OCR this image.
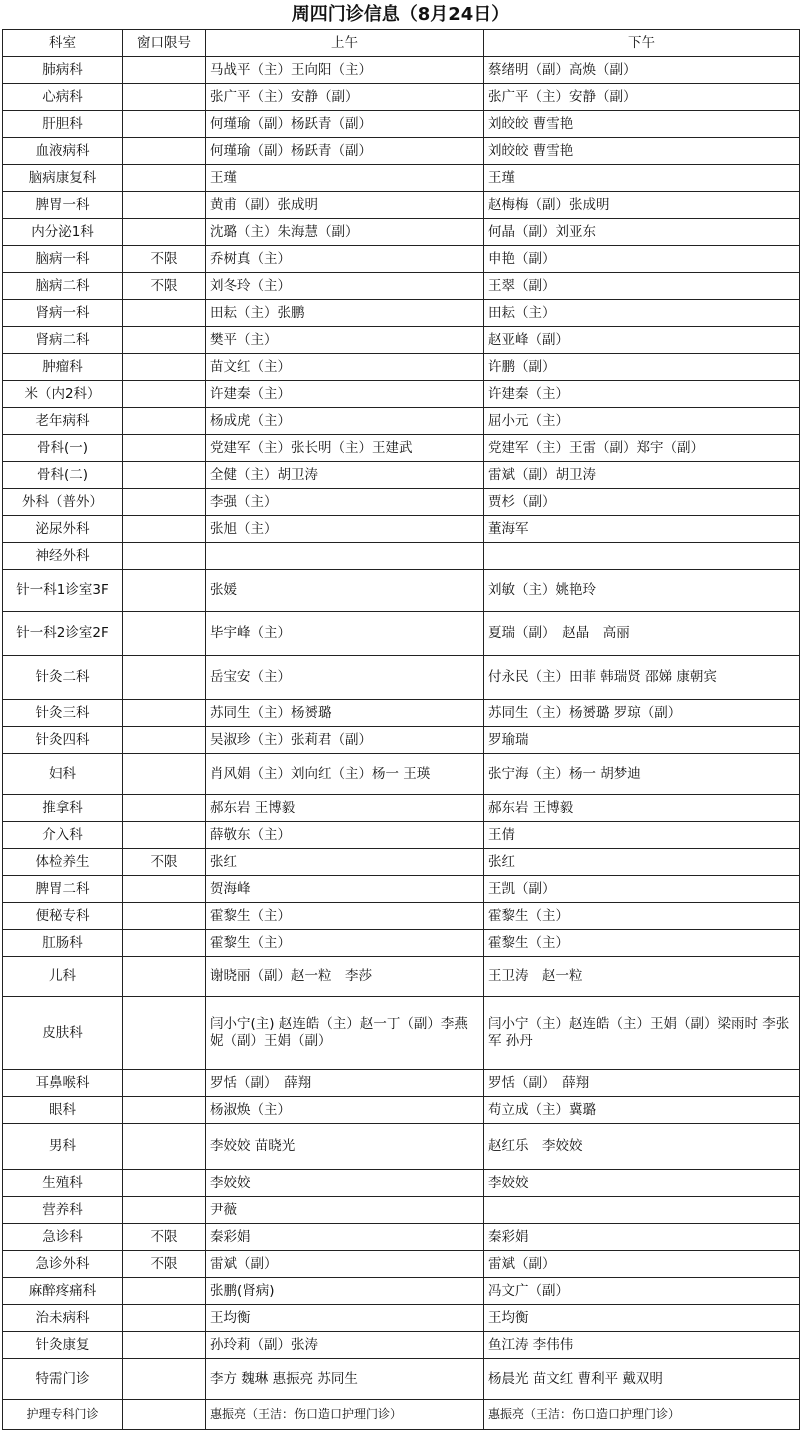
周四门诊信息（8月24日）
科室	窗口限号	上午	下午
肺病科		马战平（主）王向阳（主）	蔡绪明（副）高焕（副）
心病科		张广平（主）安静（副）	张广平（主）安静（副）
肝胆科		何瑾瑜（副）杨跃青（副）	刘皎皎 曹雪艳
血液病科		何瑾瑜（副）杨跃青（副）	刘皎皎 曹雪艳
脑病康复科		王瑾	王瑾
脾胃一科		黄甫（副）张成明	赵梅梅（副）张成明
内分泌1科		沈璐（主）朱海慧（副）	何晶（副）刘亚东
脑病一科	不限	乔树真（主）	申艳（副）
脑病二科	不限	刘冬玲（主）	王翠（副）
肾病一科		田耘（主）张鹏	田耘（主）
肾病二科		樊平（主）	赵亚峰（副）
肿瘤科		苗文红（主）	许鹏（副）
米（内2科）		许建秦（主）	许建秦（主）
老年病科		杨成虎（主）	屈小元（主）
骨科(一)		党建军（主）张长明（主）王建武	党建军（主）王雷（副）郑宇（副）
骨科(二)		全健（主）胡卫涛	雷斌（副）胡卫涛
外科（普外）		李强（主）	贾杉（副）
泌尿外科		张旭（主）	董海军
神经外科			
针一科1诊室3F		张媛	刘敏（主）姚艳玲
针一科2诊室2F		毕宇峰（主）	夏瑞（副）　赵晶　高丽
针灸二科		岳宝安（主）	付永民（主）田菲 韩瑞贤 邵娣 康朝宾
针灸三科		苏同生（主）杨赟璐	苏同生（主）杨赟璐 罗琼（副）
针灸四科		吴淑珍（主）张莉君（副）	罗瑜瑞
妇科		肖风娟（主）刘向红（主）杨一 王瑛	张宁海（主）杨一 胡梦迪
推拿科		郝东岩 王博毅	郝东岩 王博毅
介入科		薛敬东（主）	王倩
体检养生	不限	张红	张红
脾胃二科		贺海峰	王凯（副）
便秘专科		霍黎生（主）	霍黎生（主）
肛肠科		霍黎生（主）	霍黎生（主）
儿科		谢晓丽（副）赵一粒　李莎	王卫涛　赵一粒
皮肤科		闫小宁(主) 赵连皓（主）赵一丁（副）李燕妮（副）王娟（副）	闫小宁（主）赵连皓（主）王娟（副）梁雨时 李张军 孙丹
耳鼻喉科		罗恬（副）　薛翔	罗恬（副）　薛翔
眼科		杨淑焕（主）	苟立成（主）冀璐
男科		李姣姣 苗晓光	赵红乐　李姣姣
生殖科		李姣姣	李姣姣
营养科		尹薇	
急诊科	不限	秦彩娟	秦彩娟
急诊外科	不限	雷斌（副）	雷斌（副）
麻醉疼痛科		张鹏(肾病)	冯文广（副）
治未病科		王均衡	王均衡
针灸康复		孙玲莉（副）张涛	鱼江涛 李伟伟
特需门诊		李方 魏琳 惠振亮 苏同生	杨晨光 苗文红 曹利平 戴双明
护理专科门诊		惠振亮（王洁：伤口造口护理门诊）	惠振亮（王洁：伤口造口护理门诊）
